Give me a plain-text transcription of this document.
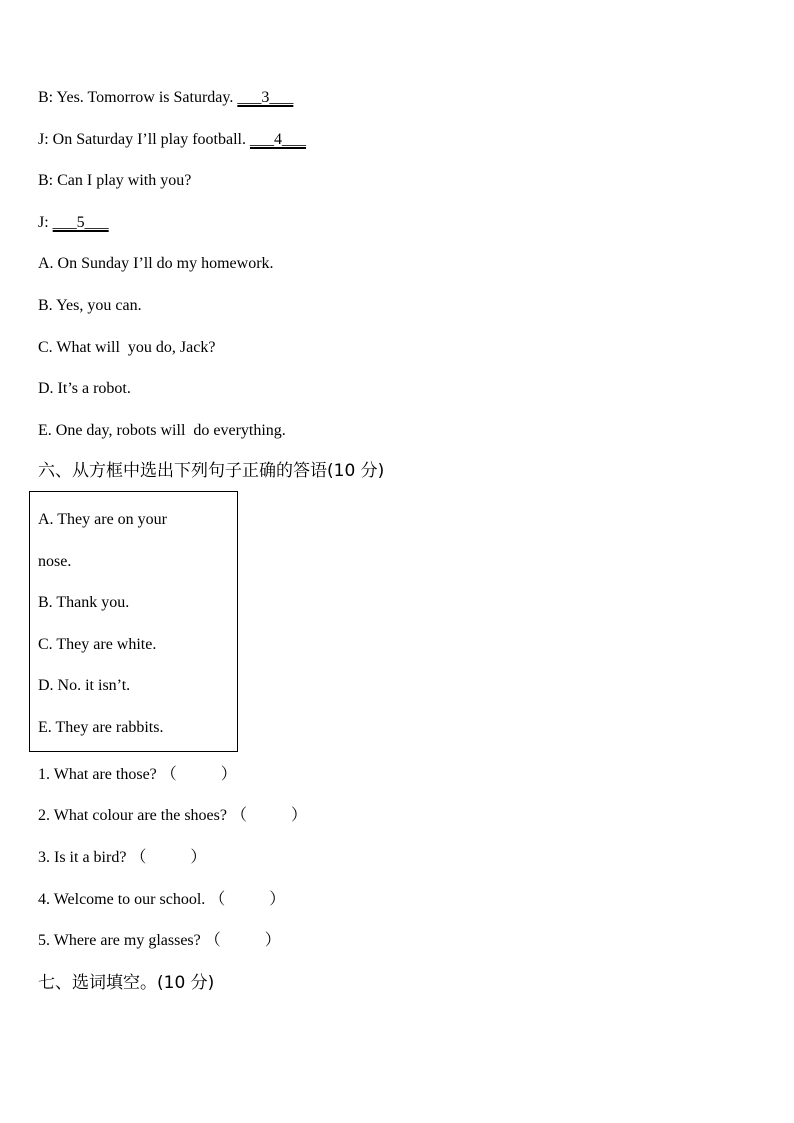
B: Yes. Tomorrow is Saturday. ___3___
J: On Saturday I’ll play football. ___4___
B: Can I play with you?
J: ___5___
A. On Sunday I’ll do my homework.
B. Yes, you can.
C. What will  you do, Jack?
D. It’s a robot.
E. One day, robots will  do everything.
六、从方框中选出下列句子正确的答语(10 分)
A. They are on your
nose.
B. Thank you.
C. They are white.
D. No. it isn’t.
E. They are rabbits.
1. What are those? （           ）
2. What colour are the shoes? （           ）
3. Is it a bird? （           ）
4. Welcome to our school. （           ）
5. Where are my glasses? （           ）
七、选词填空。(10 分)
